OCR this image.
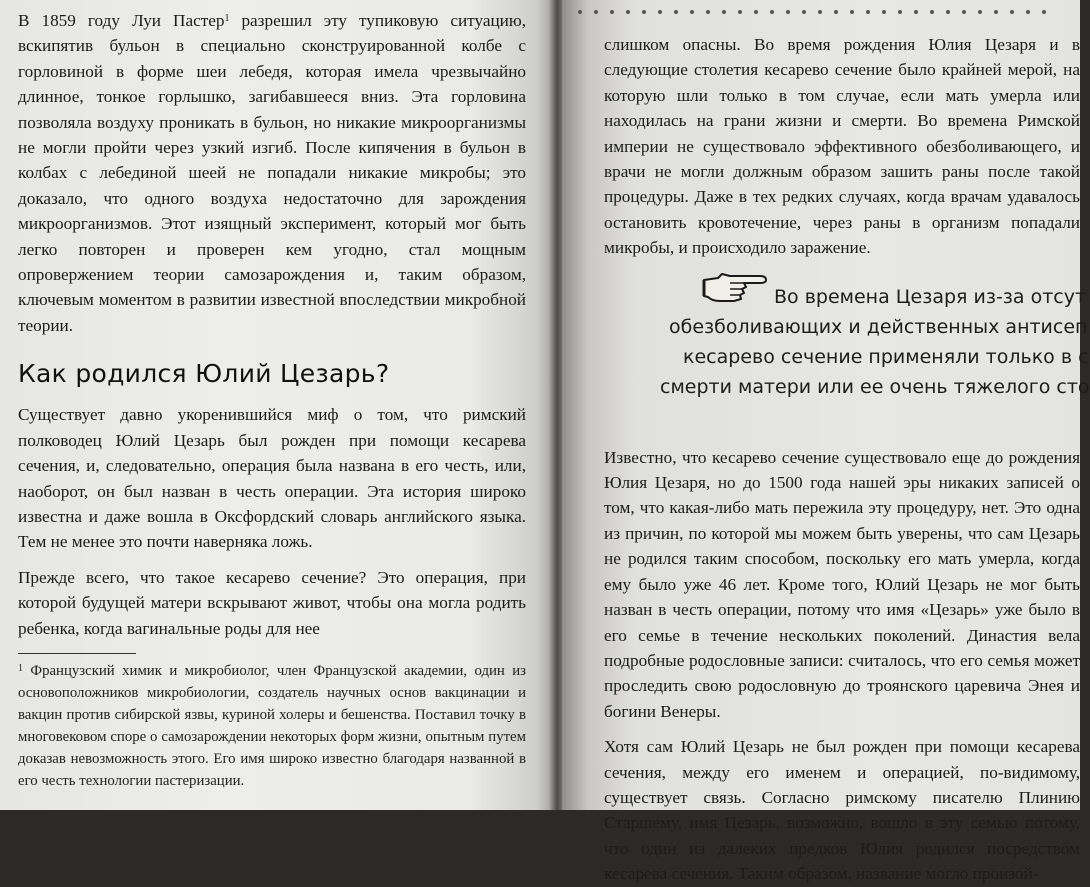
В 1859 году Луи Пастер$^1$ разрешил эту тупиковую ситуацию, вскипятив бульон в специально сконструированной колбе с горловиной в форме шеи лебедя, которая имела чрезвычайно длинное, тонкое горлышко, загибавшееся вниз. Эта горловина позволяла воздуху проникать в бульон, но никакие микроорганизмы не могли пройти через узкий изгиб. После кипячения в бульон в колбах с лебединой шеей не попадали никакие микробы; это доказало, что одного воздуха недостаточно для зарождения микроорганизмов. Этот изящный эксперимент, который мог быть легко повторен и проверен кем угодно, стал мощным опровержением теории самозарождения и, таким образом, ключевым моментом в развитии известной впоследствии микробной теории.

Как родился Юлий Цезарь?

Существует давно укоренившийся миф о том, что римский полководец Юлий Цезарь был рожден при помощи кесарева сечения, и, следовательно, операция была названа в его честь, или, наоборот, он был назван в честь операции. Эта история широко известна и даже вошла в Оксфордский словарь английского языка. Тем не менее это почти наверняка ложь.

Прежде всего, что такое кесарево сечение? Это операция, при которой будущей матери вскрывают живот, чтобы она могла родить ребенка, когда вагинальные роды для нее

$^1$ Французский химик и микробиолог, член Французской академии, один из основоположников микробиологии, создатель научных основ вакцинации и вакцин против сибирской язвы, куриной холеры и бешенства. Поставил точку в многовековом споре о самозарождении некоторых форм жизни, опытным путем доказав невозможность этого. Его имя широко известно благодаря названной в его честь технологии пастеризации.

слишком опасны. Во время рождения Юлия Цезаря и в следующие столетия кесарево сечение было крайней мерой, на которую шли только в том случае, если мать умерла или находилась на грани жизни и смерти. Во времена Римской империи не существовало эффективного обезболивающего, и врачи не могли должным образом зашить раны после такой процедуры. Даже в тех редких случаях, когда врачам удавалось остановить кровотечение, через раны в организм попадали микробы, и происходило заражение.

Известно, что кесарево сечение существовало еще до рождения Юлия Цезаря, но до 1500 года нашей эры никаких записей о том, что какая-либо мать пережила эту процедуру, нет. Это одна из причин, по которой мы можем быть уверены, что сам Цезарь не родился таким способом, поскольку его мать умерла, когда ему было уже 46 лет. Кроме того, Юлий Цезарь не мог быть назван в честь операции, потому что имя «Цезарь» уже было в его семье в течение нескольких поколений. Династия вела подробные родословные записи: считалось, что его семья может проследить свою родословную до троянского царевича Энея и богини Венеры.

Хотя сам Юлий Цезарь не был рожден при помощи кесарева сечения, между его именем и операцией, по-видимому, существует связь. Согласно римскому писателю Плинию Старшему, имя Цезарь, возможно, вошло в эту семью потому, что один из далеких предков Юлия родился посредством кесарева сечения. Таким образом, название могло произой-

Во времена Цезаря из-за отсут
обезболивающих и действенных антисеп
кесарево сечение применяли только в с
смерти матери или ее очень тяжелого сто
